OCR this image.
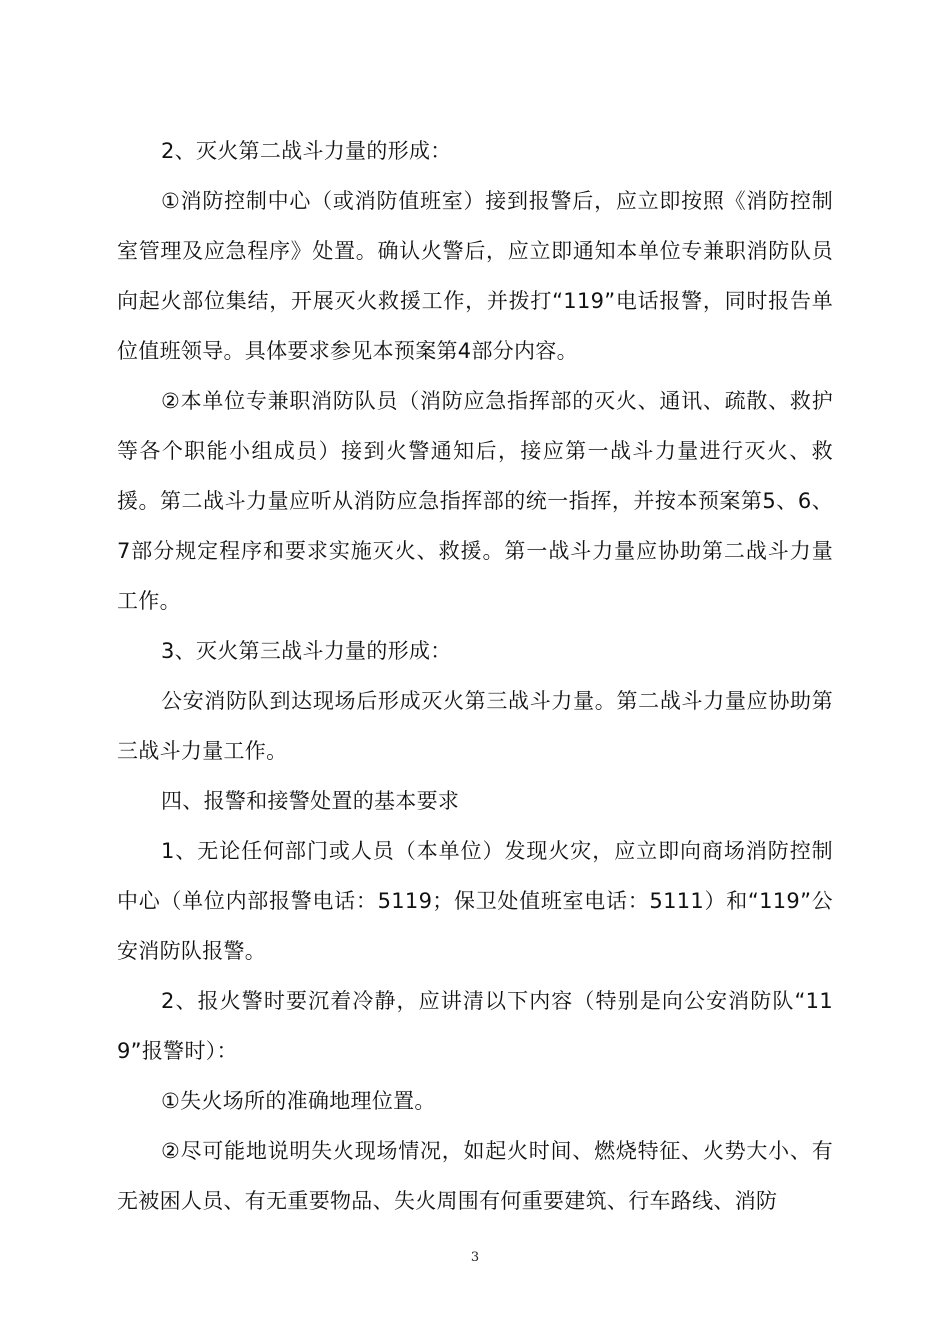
2、灭火第二战斗力量的形成：

①消防控制中心（或消防值班室）接到报警后，应立即按照《消防控制室管理及应急程序》处置。确认火警后，应立即通知本单位专兼职消防队员向起火部位集结，开展灭火救援工作，并拨打“119”电话报警，同时报告单位值班领导。具体要求参见本预案第4部分内容。

②本单位专兼职消防队员（消防应急指挥部的灭火、通讯、疏散、救护等各个职能小组成员）接到火警通知后，接应第一战斗力量进行灭火、救援。第二战斗力量应听从消防应急指挥部的统一指挥，并按本预案第5、6、7部分规定程序和要求实施灭火、救援。第一战斗力量应协助第二战斗力量工作。

3、灭火第三战斗力量的形成：

公安消防队到达现场后形成灭火第三战斗力量。第二战斗力量应协助第三战斗力量工作。

四、报警和接警处置的基本要求

1、无论任何部门或人员（本单位）发现火灾，应立即向商场消防控制中心（单位内部报警电话：5119；保卫处值班室电话：5111）和“119”公安消防队报警。

2、报火警时要沉着冷静，应讲清以下内容（特别是向公安消防队“119”报警时）：

①失火场所的准确地理位置。

②尽可能地说明失火现场情况，如起火时间、燃烧特征、火势大小、有无被困人员、有无重要物品、失火周围有何重要建筑、行车路线、消防

3
